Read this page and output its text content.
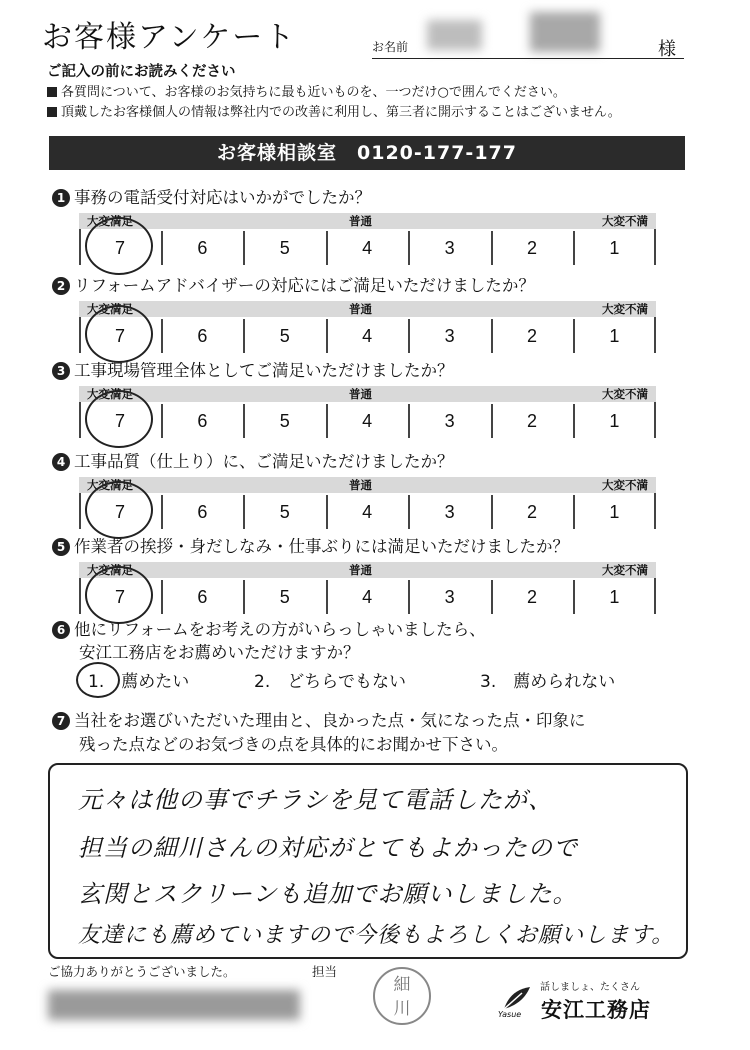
お客様アンケート	お名前	様
ご記入の前にお読みください
各質問について、お客様のお気持ちに最も近いものを、一つだけ○で囲んでください。
頂戴したお客様個人の情報は弊社内での改善に利用し、第三者に開示することはございません。
お客様相談室　0120-177-177
1 事務の電話受付対応はいかがでしたか？
大変満足	普通	大変不満
7	6	5	4	3	2	1
2 リフォームアドバイザーの対応にはご満足いただけましたか？
大変満足	普通	大変不満
7	6	5	4	3	2	1
3 工事現場管理全体としてご満足いただけましたか？
大変満足	普通	大変不満
7	6	5	4	3	2	1
4 工事品質（仕上り）に、ご満足いただけましたか？
大変満足	普通	大変不満
7	6	5	4	3	2	1
5 作業者の挨拶・身だしなみ・仕事ぶりには満足いただけましたか？
大変満足	普通	大変不満
7	6	5	4	3	2	1
6 他にリフォームをお考えの方がいらっしゃいましたら、
安江工務店をお薦めいただけますか？
1.　薦めたい	2.　どちらでもない	3.　薦められない
7 当社をお選びいただいた理由と、良かった点・気になった点・印象に
残った点などのお気づきの点を具体的にお聞かせ下さい。
元々は他の事でチラシを見て電話したが、
担当の細川さんの対応がとてもよかったので
玄関とスクリーンも追加でお願いしました。
友達にも薦めていますので今後もよろしくお願いします。
ご協力ありがとうございました。	担当
細
川
話しましょ、たくさん
安江工務店
Yasue
